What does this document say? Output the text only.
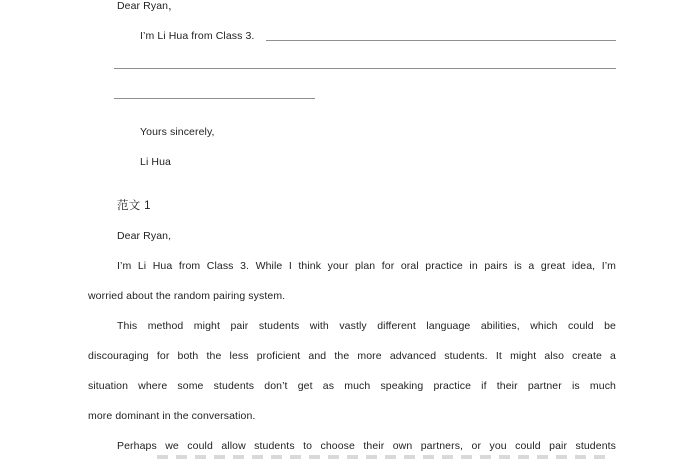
Dear Ryan，
I’m Li Hua from Class 3.
Yours sincerely,
Li Hua
范文 1
Dear Ryan,
I’m Li Hua from Class 3. While I think your plan for oral practice in pairs is a great idea, I’m
worried about the random pairing system.
This method might pair students with vastly different language abilities, which could be
discouraging for both the less proficient and the more advanced students. It might also create a
situation where some students don’t get as much speaking practice if their partner is much
more dominant in the conversation.
Perhaps we could allow students to choose their own partners, or you could pair students
